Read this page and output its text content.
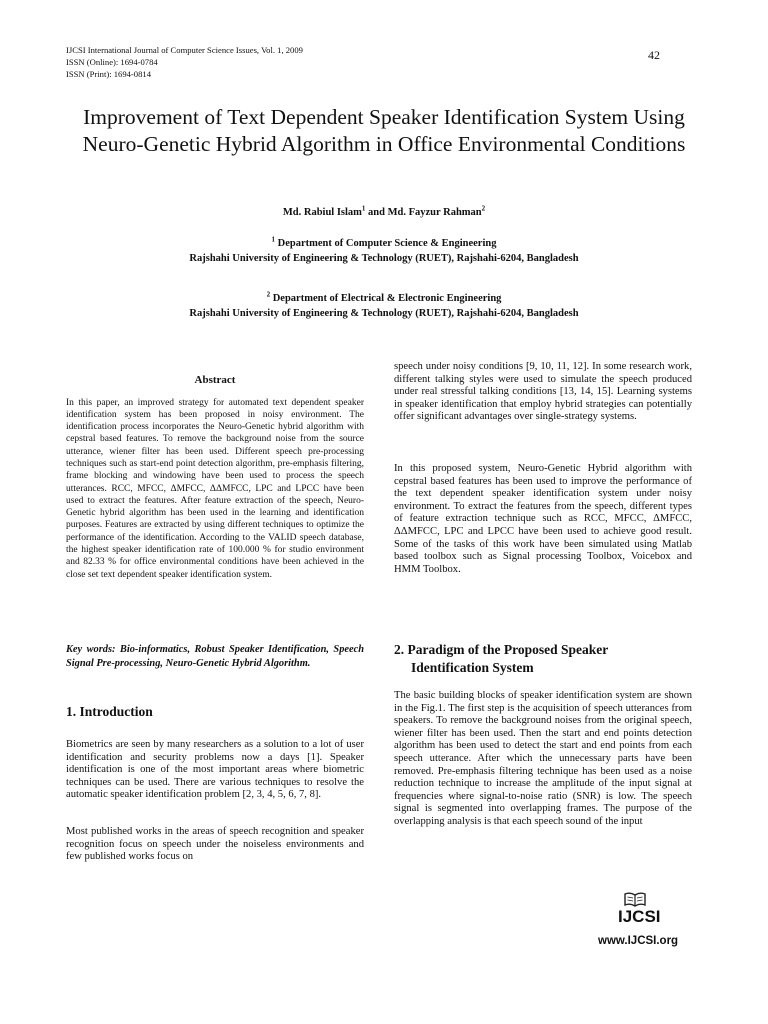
IJCSI International Journal of Computer Science Issues, Vol. 1, 2009
ISSN (Online): 1694-0784
ISSN (Print): 1694-0814
42
Improvement of Text Dependent Speaker Identification System Using Neuro-Genetic Hybrid Algorithm in Office Environmental Conditions
Md. Rabiul Islam$^1$ and Md. Fayzur Rahman$^2$
$^1$ Department of Computer Science & Engineering
Rajshahi University of Engineering & Technology (RUET), Rajshahi-6204, Bangladesh
$^2$ Department of Electrical & Electronic Engineering
Rajshahi University of Engineering & Technology (RUET), Rajshahi-6204, Bangladesh
Abstract

In this paper, an improved strategy for automated text dependent speaker identification system has been proposed in noisy environment. The identification process incorporates the Neuro-Genetic hybrid algorithm with cepstral based features. To remove the background noise from the source utterance, wiener filter has been used. Different speech pre-processing techniques such as start-end point detection algorithm, pre-emphasis filtering, frame blocking and windowing have been used to process the speech utterances. RCC, MFCC, ΔMFCC, ΔΔMFCC, LPC and LPCC have been used to extract the features. After feature extraction of the speech, Neuro-Genetic hybrid algorithm has been used in the learning and identification purposes. Features are extracted by using different techniques to optimize the performance of the identification. According to the VALID speech database, the highest speaker identification rate of 100.000 % for studio environment and 82.33 % for office environmental conditions have been achieved in the close set text dependent speaker identification system.

Key words: Bio-informatics, Robust Speaker Identification, Speech Signal Pre-processing, Neuro-Genetic Hybrid Algorithm.

1. Introduction

Biometrics are seen by many researchers as a solution to a lot of user identification and security problems now a days [1]. Speaker identification is one of the most important areas where biometric techniques can be used. There are various techniques to resolve the automatic speaker identification problem [2, 3, 4, 5, 6, 7, 8].

Most published works in the areas of speech recognition and speaker recognition focus on speech under the noiseless environments and few published works focus on

speech under noisy conditions [9, 10, 11, 12]. In some research work, different talking styles were used to simulate the speech produced under real stressful talking conditions [13, 14, 15]. Learning systems in speaker identification that employ hybrid strategies can potentially offer significant advantages over single-strategy systems.

In this proposed system, Neuro-Genetic Hybrid algorithm with cepstral based features has been used to improve the performance of the text dependent speaker identification system under noisy environment. To extract the features from the speech, different types of feature extraction technique such as RCC, MFCC, ΔMFCC, ΔΔMFCC, LPC and LPCC have been used to achieve good result. Some of the tasks of this work have been simulated using Matlab based toolbox such as Signal processing Toolbox, Voicebox and HMM Toolbox.

2. Paradigm of the Proposed Speaker
Identification System

The basic building blocks of speaker identification system are shown in the Fig.1. The first step is the acquisition of speech utterances from speakers. To remove the background noises from the original speech, wiener filter has been used. Then the start and end points detection algorithm has been used to detect the start and end points from each speech utterance. After which the unnecessary parts have been removed. Pre-emphasis filtering technique has been used as a noise reduction technique to increase the amplitude of the input signal at frequencies where signal-to-noise ratio (SNR) is low. The speech signal is segmented into overlapping frames. The purpose of the overlapping analysis is that each speech sound of the input

IJCSI
www.IJCSI.org
